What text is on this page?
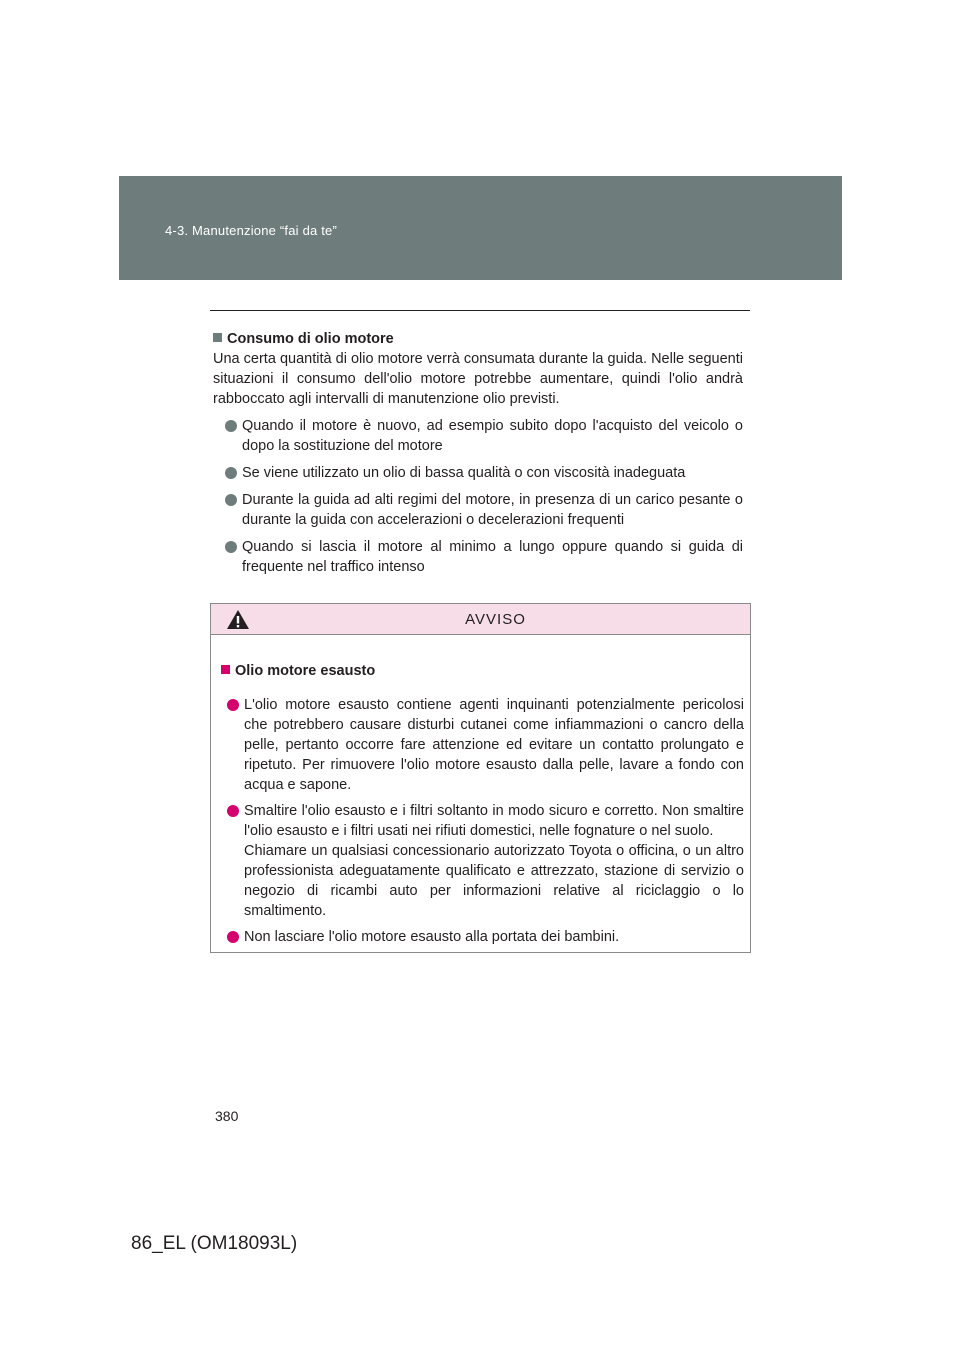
4-3. Manutenzione “fai da te”

Consumo di olio motore

Una certa quantità di olio motore verrà consumata durante la guida. Nelle seguenti situazioni il consumo dell'olio motore potrebbe aumentare, quindi l'olio andrà rabboccato agli intervalli di manutenzione olio previsti.

Quando il motore è nuovo, ad esempio subito dopo l'acquisto del veicolo o dopo la sostituzione del motore
Se viene utilizzato un olio di bassa qualità o con viscosità inadeguata
Durante la guida ad alti regimi del motore, in presenza di un carico pesante o durante la guida con accelerazioni o decelerazioni frequenti
Quando si lascia il motore al minimo a lungo oppure quando si guida di frequente nel traffico intenso
AVVISO

Olio motore esausto

L'olio motore esausto contiene agenti inquinanti potenzialmente pericolosi che potrebbero causare disturbi cutanei come infiammazioni o cancro della pelle, pertanto occorre fare attenzione ed evitare un contatto prolungato e ripetuto. Per rimuovere l'olio motore esausto dalla pelle, lavare a fondo con acqua e sapone.
Smaltire l'olio esausto e i filtri soltanto in modo sicuro e corretto. Non smaltire l'olio esausto e i filtri usati nei rifiuti domestici, nelle fognature o nel suolo.
Chiamare un qualsiasi concessionario autorizzato Toyota o officina, o un altro professionista adeguatamente qualificato e attrezzato, stazione di servizio o negozio di ricambi auto per informazioni relative al riciclaggio o lo smaltimento.
Non lasciare l'olio motore esausto alla portata dei bambini.
380
86_EL (OM18093L)
